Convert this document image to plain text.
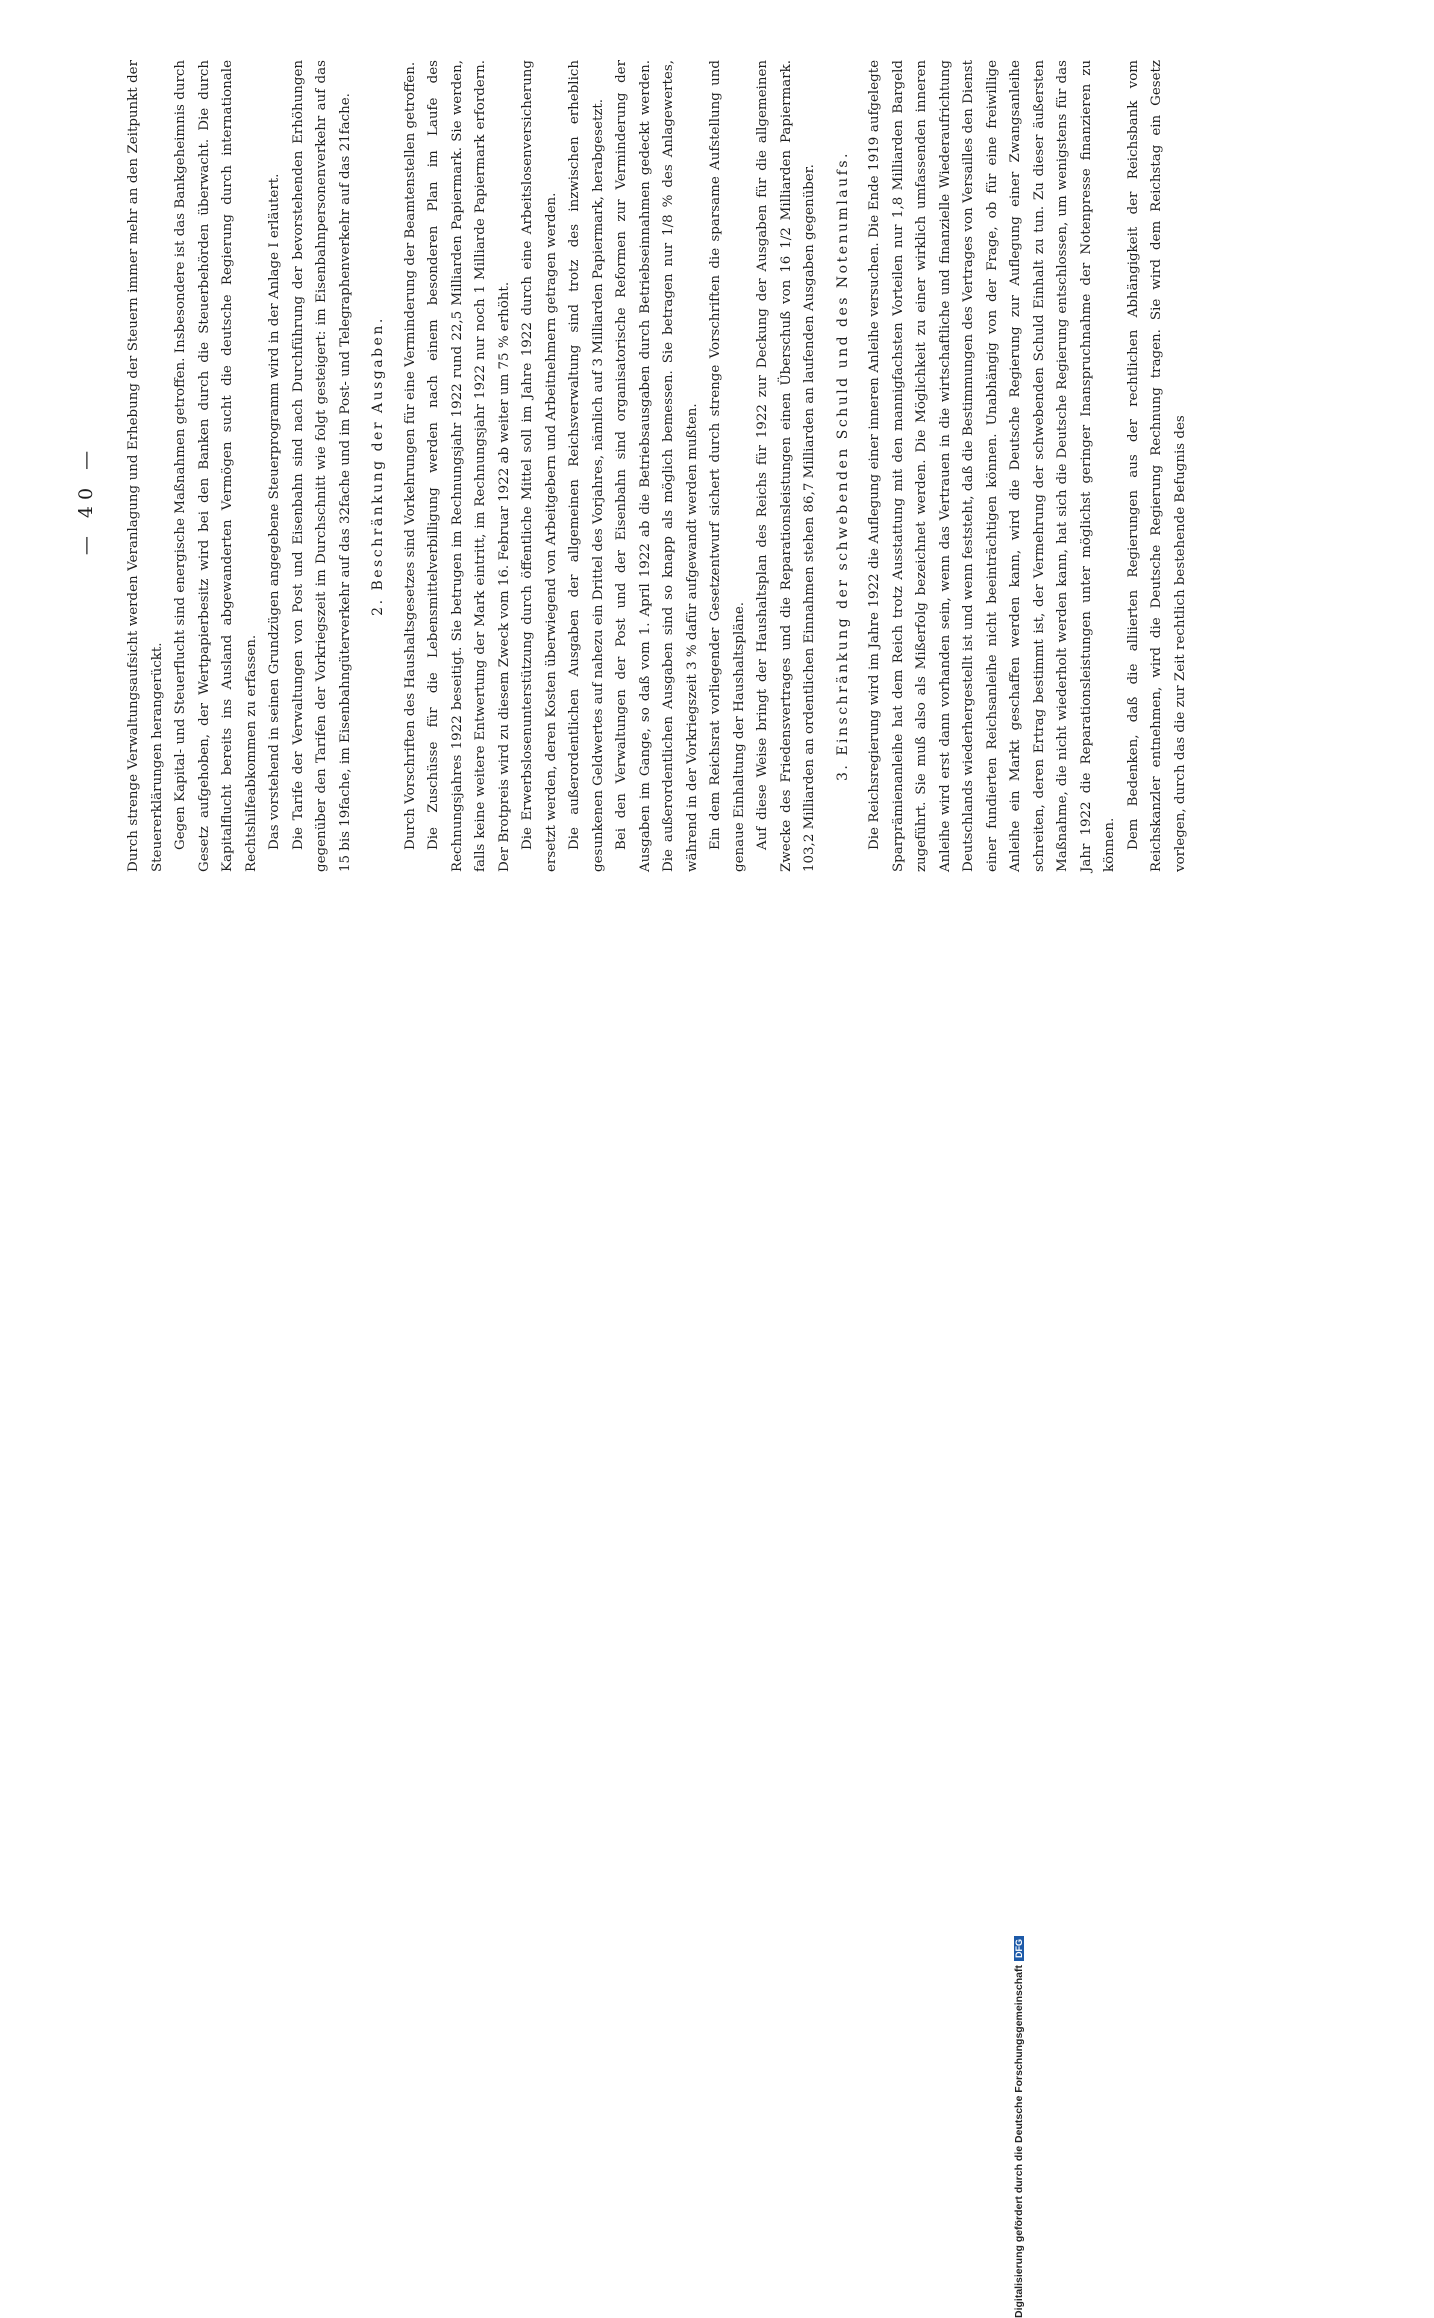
— 40 — Durch strenge Verwaltungsaufsicht werden Veranlagung und Erhebung der Steuern immer mehr an den Zeitpunkt der Steuererklärungen herangerückt. Gegen Kapital- und Steuerflucht sind energische Maßnahmen getroffen. Insbesondere ist das Bankgeheimnis durch Gesetz aufgehoben, der Wertpapierbesitz wird bei den Banken durch die Steuerbehörden überwacht. Die durch Kapitalflucht bereits ins Ausland abgewanderten Vermögen sucht die deutsche Regierung durch internationale Rechtshilfeabkommen zu erfassen. Das vorstehend in seinen Grundzügen angegebene Steuerprogramm wird in der Anlage I erläutert. Die Tarife der Verwaltungen von Post und Eisenbahn sind nach Durchführung der bevorstehenden Erhöhungen gegenüber den Tarifen der Vorkriegszeit im Durchschnitt wie folgt gesteigert: im Eisenbahnpersonenverkehr auf das 15 bis 19fache, im Eisenbahngüterverkehr auf das 32fache und im Post- und Telegraphenverkehr auf das 21fache.	2. Beschränkung der Ausgaben.	Durch Vorschriften des Haushaltsgesetzes sind Vorkehrungen für eine Verminderung der Beamtenstellen getroffen. Die Zuschüsse für die Lebensmittelverbilligung werden nach einem besonderen Plan im Laufe des Rechnungsjahres 1922 beseitigt. Sie betrugen im Rechnungsjahr 1922 rund 22,5 Milliarden Papiermark. Sie werden, falls keine weitere Entwertung der Mark eintritt, im Rechnungsjahr 1922 nur noch 1 Milliarde Papiermark erfordern. Der Brotpreis wird zu diesem Zweck vom 16. Februar 1922 ab weiter um 75 % erhöht. Die Erwerbslosenunterstützung durch öffentliche Mittel soll im Jahre 1922 durch eine Arbeitslosenversicherung ersetzt werden, deren Kosten überwiegend von Arbeitgebern und Arbeitnehmern getragen werden. Die außerordentlichen Ausgaben der allgemeinen Reichsverwaltung sind trotz des inzwischen erheblich gesunkenen Geldwertes auf nahezu ein Drittel des Vorjahres, nämlich auf 3 Milliarden Papiermark, herabgesetzt. Bei den Verwaltungen der Post und der Eisenbahn sind organisatorische Reformen zur Verminderung der Ausgaben im Gange, so daß vom 1. April 1922 ab die Betriebsausgaben durch Betriebseinnahmen gedeckt werden. Die außerordentlichen Ausgaben sind so knapp als möglich bemessen. Sie betragen nur 1/8 % des Anlagewertes, während in der Vorkriegszeit 3 % dafür aufgewandt werden mußten. Ein dem Reichsrat vorliegender Gesetzentwurf sichert durch strenge Vorschriften die sparsame Aufstellung und genaue Einhaltung der Haushaltspläne. Auf diese Weise bringt der Haushaltsplan des Reichs für 1922 zur Deckung der Ausgaben für die allgemeinen Zwecke des Friedensvertrages und die Reparationsleistungen einen Überschuß von 16 1/2 Milliarden Papiermark. 103,2 Milliarden an ordentlichen Einnahmen stehen 86,7 Milliarden an laufenden Ausgaben gegenüber.	3. Einschränkung der schwebenden Schuld und des Notenumlaufs.	Die Reichsregierung wird im Jahre 1922 die Auflegung einer inneren Anleihe versuchen. Die Ende 1919 aufgelegte Sparprämienanleihe hat dem Reich trotz Ausstattung mit den mannigfachsten Vorteilen nur 1,8 Milliarden Bargeld zugeführt. Sie muß also als Mißerfolg bezeichnet werden. Die Möglichkeit zu einer wirklich umfassenden inneren Anleihe wird erst dann vorhanden sein, wenn das Vertrauen in die wirtschaftliche und finanzielle Wiederaufrichtung Deutschlands wiederhergestellt ist und wenn feststeht, daß die Bestimmungen des Vertrages von Versailles den Dienst einer fundierten Reichsanleihe nicht beeinträchtigen können. Unabhängig von der Frage, ob für eine freiwillige Anleihe ein Markt geschaffen werden kann, wird die Deutsche Regierung zur Auflegung einer Zwangsanleihe schreiten, deren Ertrag bestimmt ist, der Vermehrung der schwebenden Schuld Einhalt zu tun. Zu dieser äußersten Maßnahme, die nicht wiederholt werden kann, hat sich die Deutsche Regierung entschlossen, um wenigstens für das Jahr 1922 die Reparationsleistungen unter möglichst geringer Inanspruchnahme der Notenpresse finanzieren zu können. Dem Bedenken, daß die alliierten Regierungen aus der rechtlichen Abhängigkeit der Reichsbank vom Reichskanzler entnehmen, wird die Deutsche Regierung Rechnung tragen. Sie wird dem Reichstag ein Gesetz vorlegen, durch das die zur Zeit rechtlich bestehende Befugnis des

Digitalisierung gefördert durch die Deutsche ForschungsgemeinschaftDFG
